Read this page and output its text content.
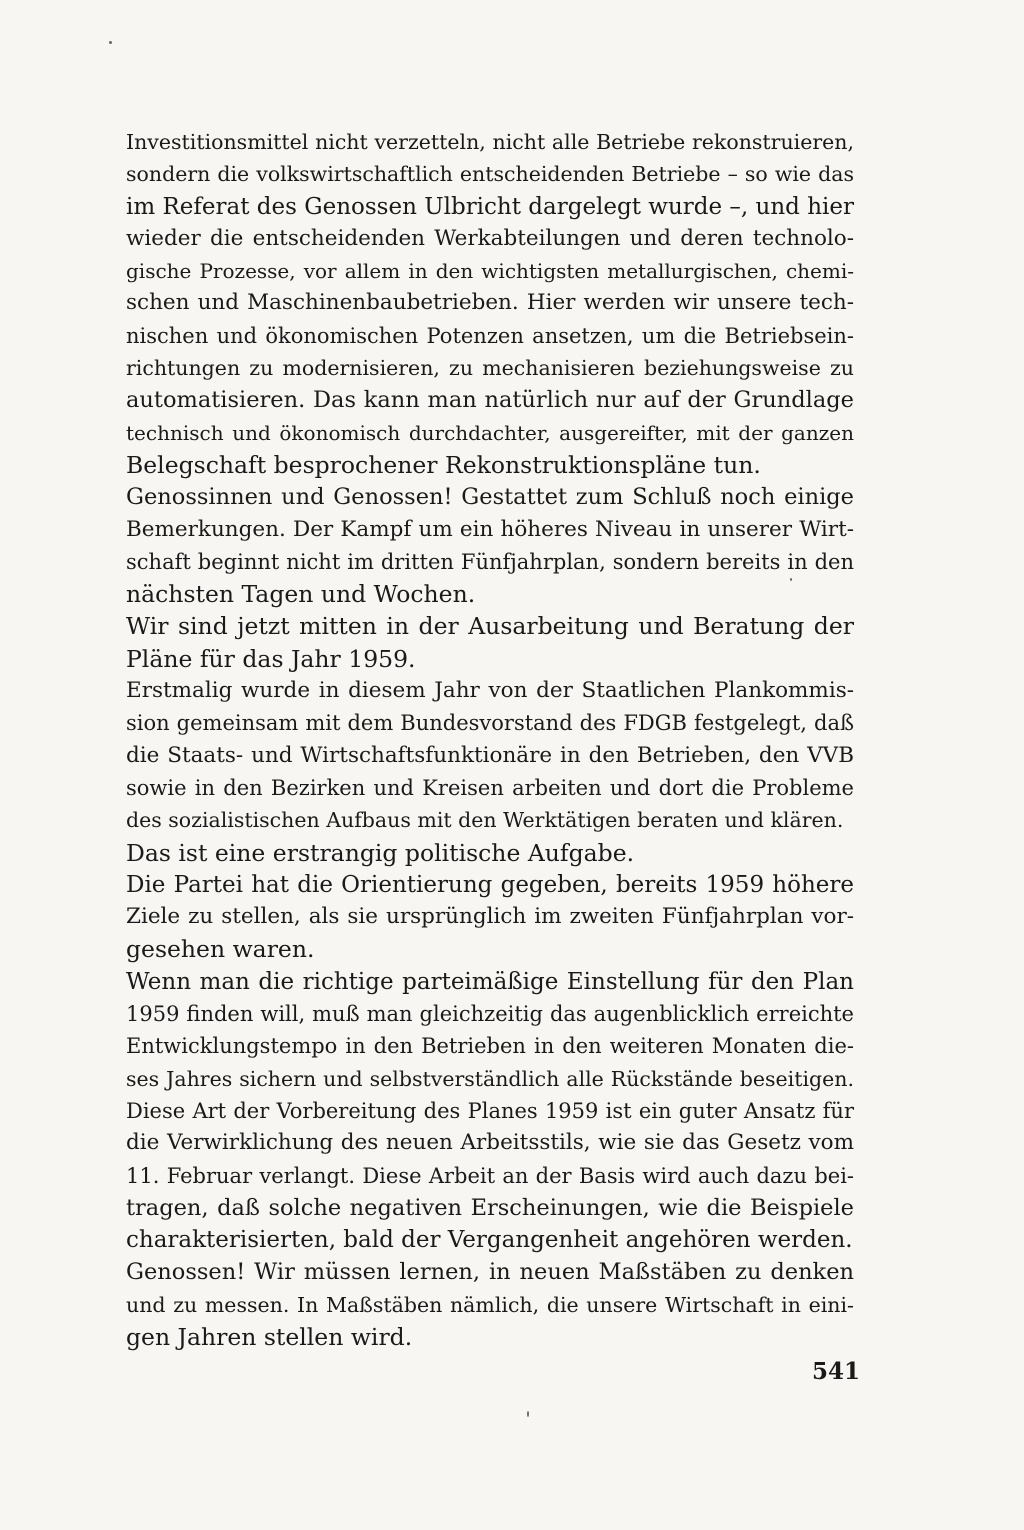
Investitionsmittel nicht verzetteln, nicht alle Betriebe rekonstruieren,
sondern die volkswirtschaftlich entscheidenden Betriebe – so wie das
im Referat des Genossen Ulbricht dargelegt wurde –, und hier
wieder die entscheidenden Werkabteilungen und deren technolo-
gische Prozesse, vor allem in den wichtigsten metallurgischen, chemi-
schen und Maschinenbaubetrieben. Hier werden wir unsere tech-
nischen und ökonomischen Potenzen ansetzen, um die Betriebsein-
richtungen zu modernisieren, zu mechanisieren beziehungsweise zu
automatisieren. Das kann man natürlich nur auf der Grundlage
technisch und ökonomisch durchdachter, ausgereifter, mit der ganzen
Belegschaft besprochener Rekonstruktionspläne tun.
Genossinnen und Genossen! Gestattet zum Schluß noch einige
Bemerkungen. Der Kampf um ein höheres Niveau in unserer Wirt-
schaft beginnt nicht im dritten Fünfjahrplan, sondern bereits in den
nächsten Tagen und Wochen.
Wir sind jetzt mitten in der Ausarbeitung und Beratung der
Pläne für das Jahr 1959.
Erstmalig wurde in diesem Jahr von der Staatlichen Plankommis-
sion gemeinsam mit dem Bundesvorstand des FDGB festgelegt, daß
die Staats- und Wirtschaftsfunktionäre in den Betrieben, den VVB
sowie in den Bezirken und Kreisen arbeiten und dort die Probleme
des sozialistischen Aufbaus mit den Werktätigen beraten und klären.
Das ist eine erstrangig politische Aufgabe.
Die Partei hat die Orientierung gegeben, bereits 1959 höhere
Ziele zu stellen, als sie ursprünglich im zweiten Fünfjahrplan vor-
gesehen waren.
Wenn man die richtige parteimäßige Einstellung für den Plan
1959 finden will, muß man gleichzeitig das augenblicklich erreichte
Entwicklungstempo in den Betrieben in den weiteren Monaten die-
ses Jahres sichern und selbstverständlich alle Rückstände beseitigen.
Diese Art der Vorbereitung des Planes 1959 ist ein guter Ansatz für
die Verwirklichung des neuen Arbeitsstils, wie sie das Gesetz vom
11. Februar verlangt. Diese Arbeit an der Basis wird auch dazu bei-
tragen, daß solche negativen Erscheinungen, wie die Beispiele
charakterisierten, bald der Vergangenheit angehören werden.
Genossen! Wir müssen lernen, in neuen Maßstäben zu denken
und zu messen. In Maßstäben nämlich, die unsere Wirtschaft in eini-
gen Jahren stellen wird.
541
